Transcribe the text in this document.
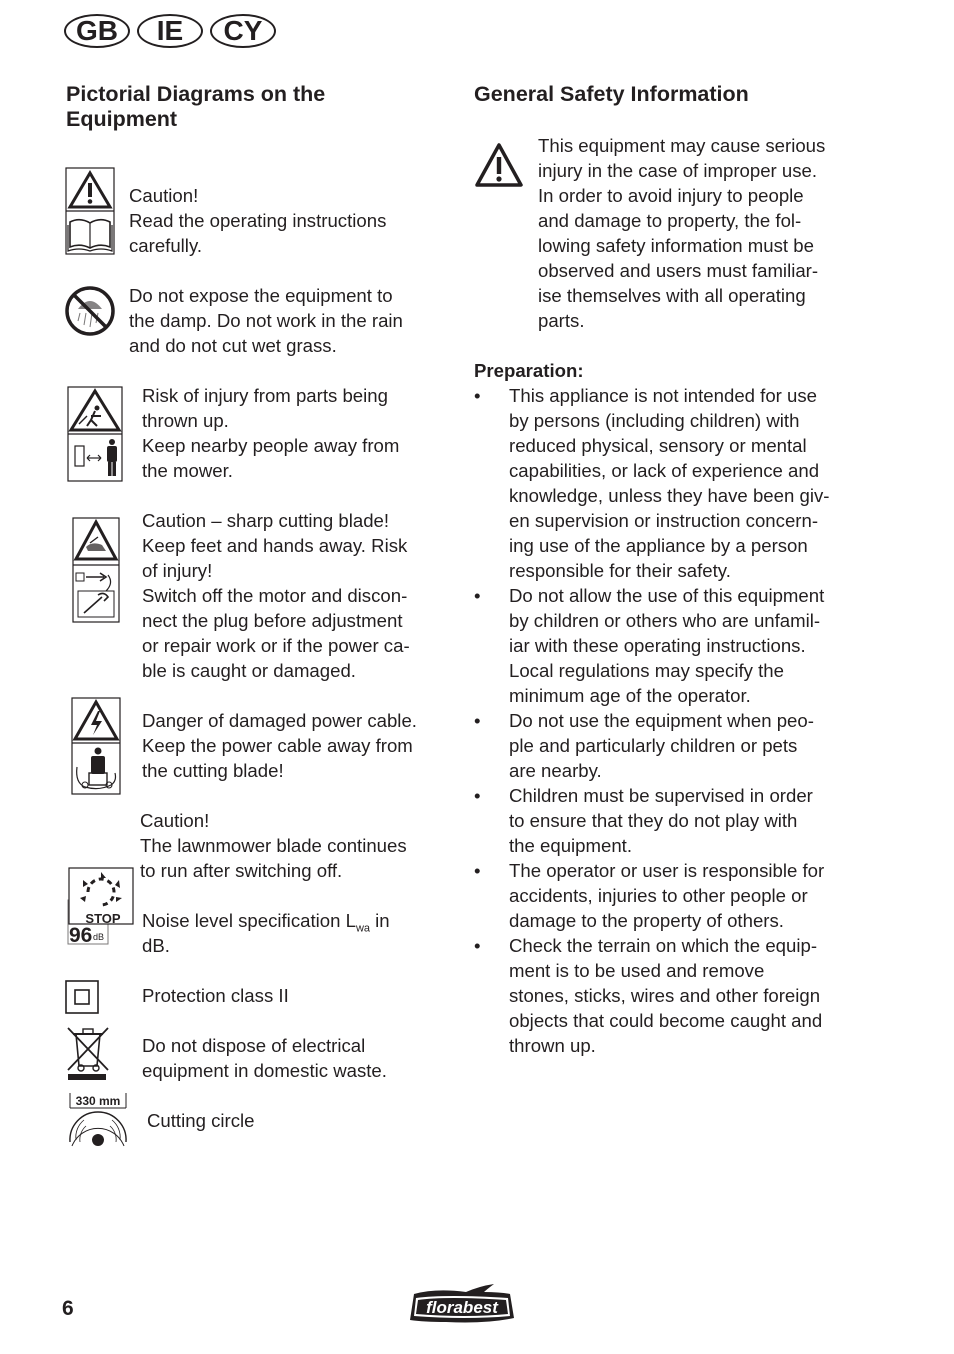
GB	IE	CY
Pictorial Diagrams on the Equipment

Caution!

Read the operating instructions

carefully.

Do not expose the equipment to

the damp. Do not work in the rain

and do not cut wet grass.

Risk of injury from parts being

thrown up.

Keep nearby people away from

the mower.

Caution – sharp cutting blade!

Keep feet and hands away. Risk

of injury!

Switch off the motor and discon-

nect the plug before adjustment

or repair work or if the power ca-

ble is caught or damaged.

Danger of damaged power cable.

Keep the power cable away from

the cutting blade!

Caution!

The lawnmower blade continues

to run after switching off.

STOP
96 dB

Noise level specification $L_{wa}$ in

dB.

Protection class II

Do not dispose of electrical

equipment in domestic waste.

330 mm

Cutting circle

General Safety Information

This equipment may cause serious

injury in the case of improper use.

In order to avoid injury to people

and damage to property, the fol-

lowing safety information must be

observed and users must familiar-

ise themselves with all operating

parts.

Preparation:
• This appliance is not intended for use
by persons (including children) with
reduced physical, sensory or mental
capabilities, or lack of experience and
knowledge, unless they have been giv-
en supervision or instruction concern-
ing use of the appliance by a person
responsible for their safety.
• Do not allow the use of this equipment
by children or others who are unfamil-
iar with these operating instructions.
Local regulations may specify the
minimum age of the operator.
• Do not use the equipment when peo-
ple and particularly children or pets
are nearby.
• Children must be supervised in order
to ensure that they do not play with
the equipment.
• The operator or user is responsible for
accidents, injuries to other people or
damage to the property of others.
• Check the terrain on which the equip-
ment is to be used and remove
stones, sticks, wires and other foreign
objects that could become caught and
thrown up.
6	florabest
